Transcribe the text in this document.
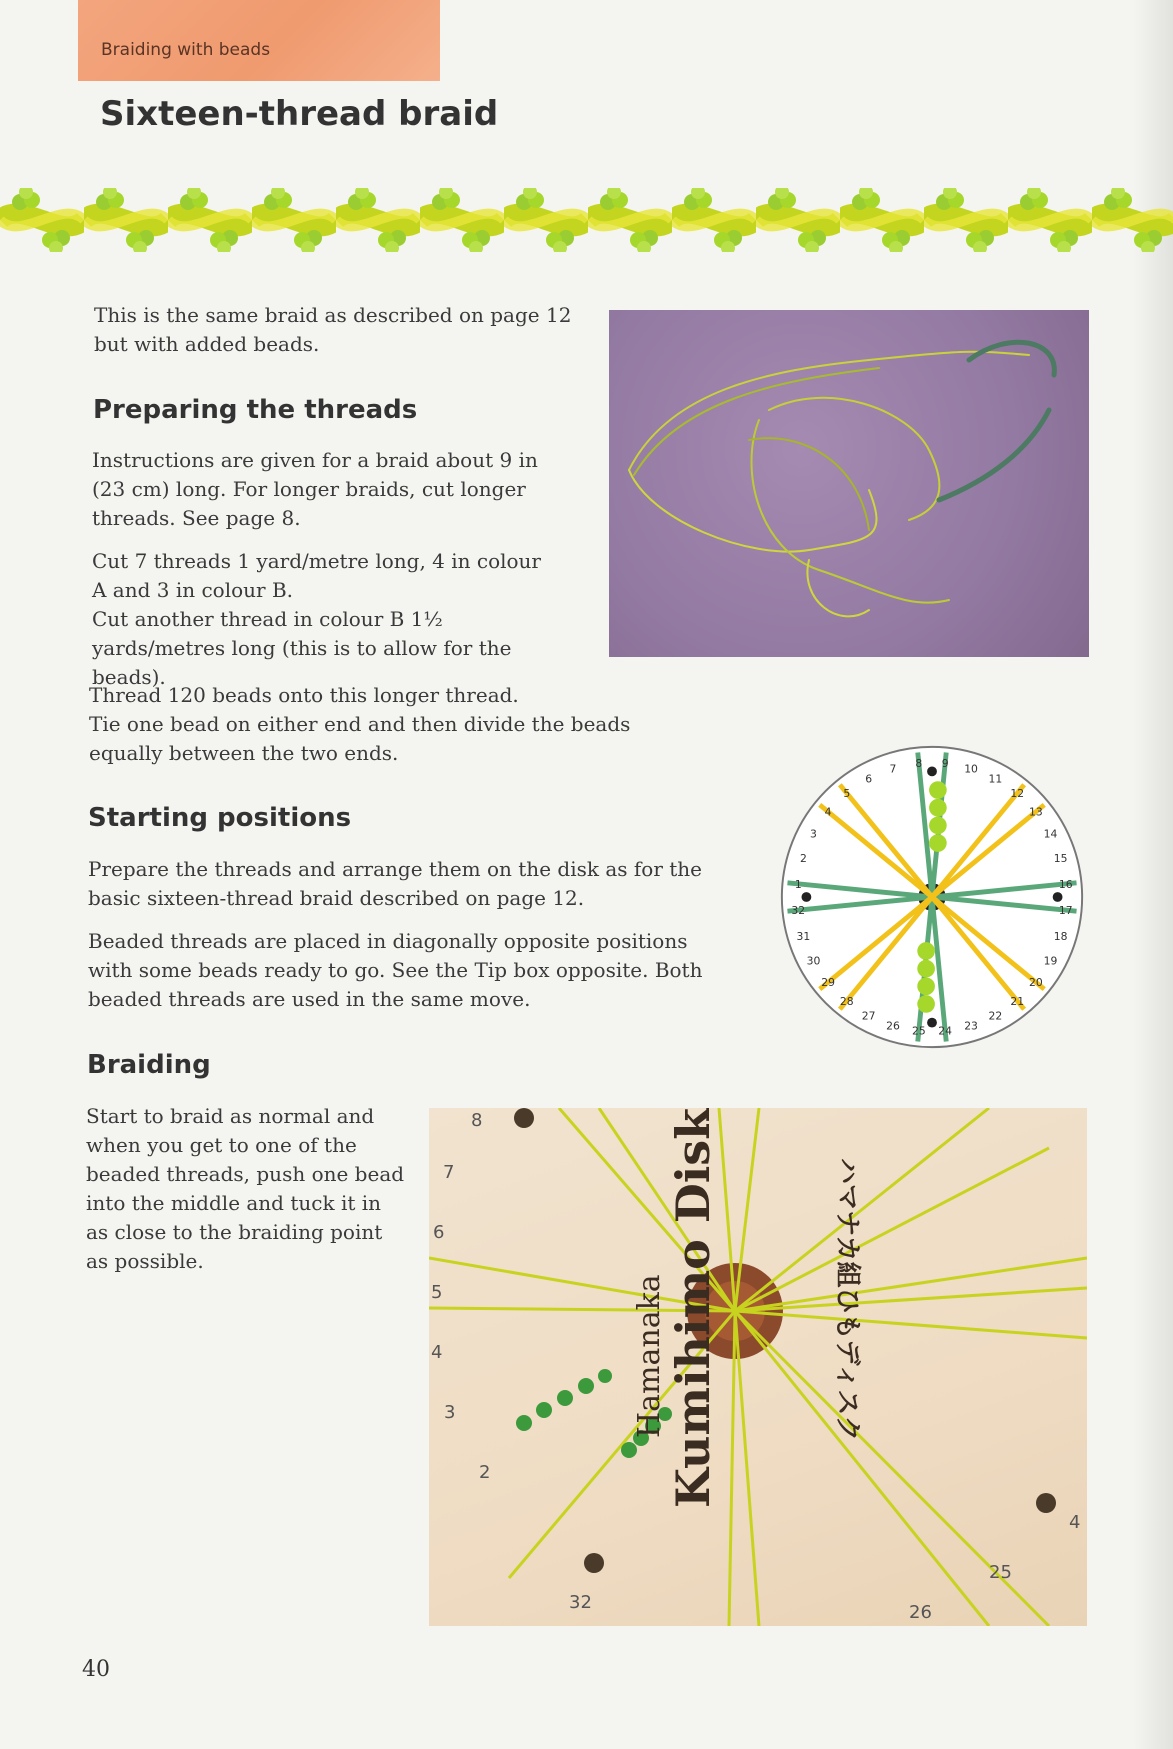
Braiding with beads
Sixteen-thread braid

This is the same braid as described on page 12 but with added beads.

Preparing the threads

Instructions are given for a braid about 9 in (23 cm) long. For longer braids, cut longer threads. See page 8.

Cut 7 threads 1 yard/metre long, 4 in colour A and 3 in colour B.

Cut another thread in colour B 1½ yards/metres long (this is to allow for the beads).

Thread 120 beads onto this longer thread.

Tie one bead on either end and then divide the beads equally between the two ends.

Starting positions

Prepare the threads and arrange them on the disk as for the basic sixteen-thread braid described on page 12.

Beaded threads are placed in diagonally opposite positions with some beads ready to go. See the Tip box opposite. Both beaded threads are used in the same move.

Braiding

Start to braid as normal and when you get to one of the beaded threads, push one bead into the middle and tuck it in as close to the braiding point as possible.

1
2
3
4
5
6
7 8 9 10
11
12
13
14
15
16
17
18
19
20
21
22
23
24
25
26
27
28
29
30
31
32
Kumihimo Disk
Hamanaka	ハマナカ組ひもディスク
8
7
6
5
4
3
2
32
25
26
4
40
